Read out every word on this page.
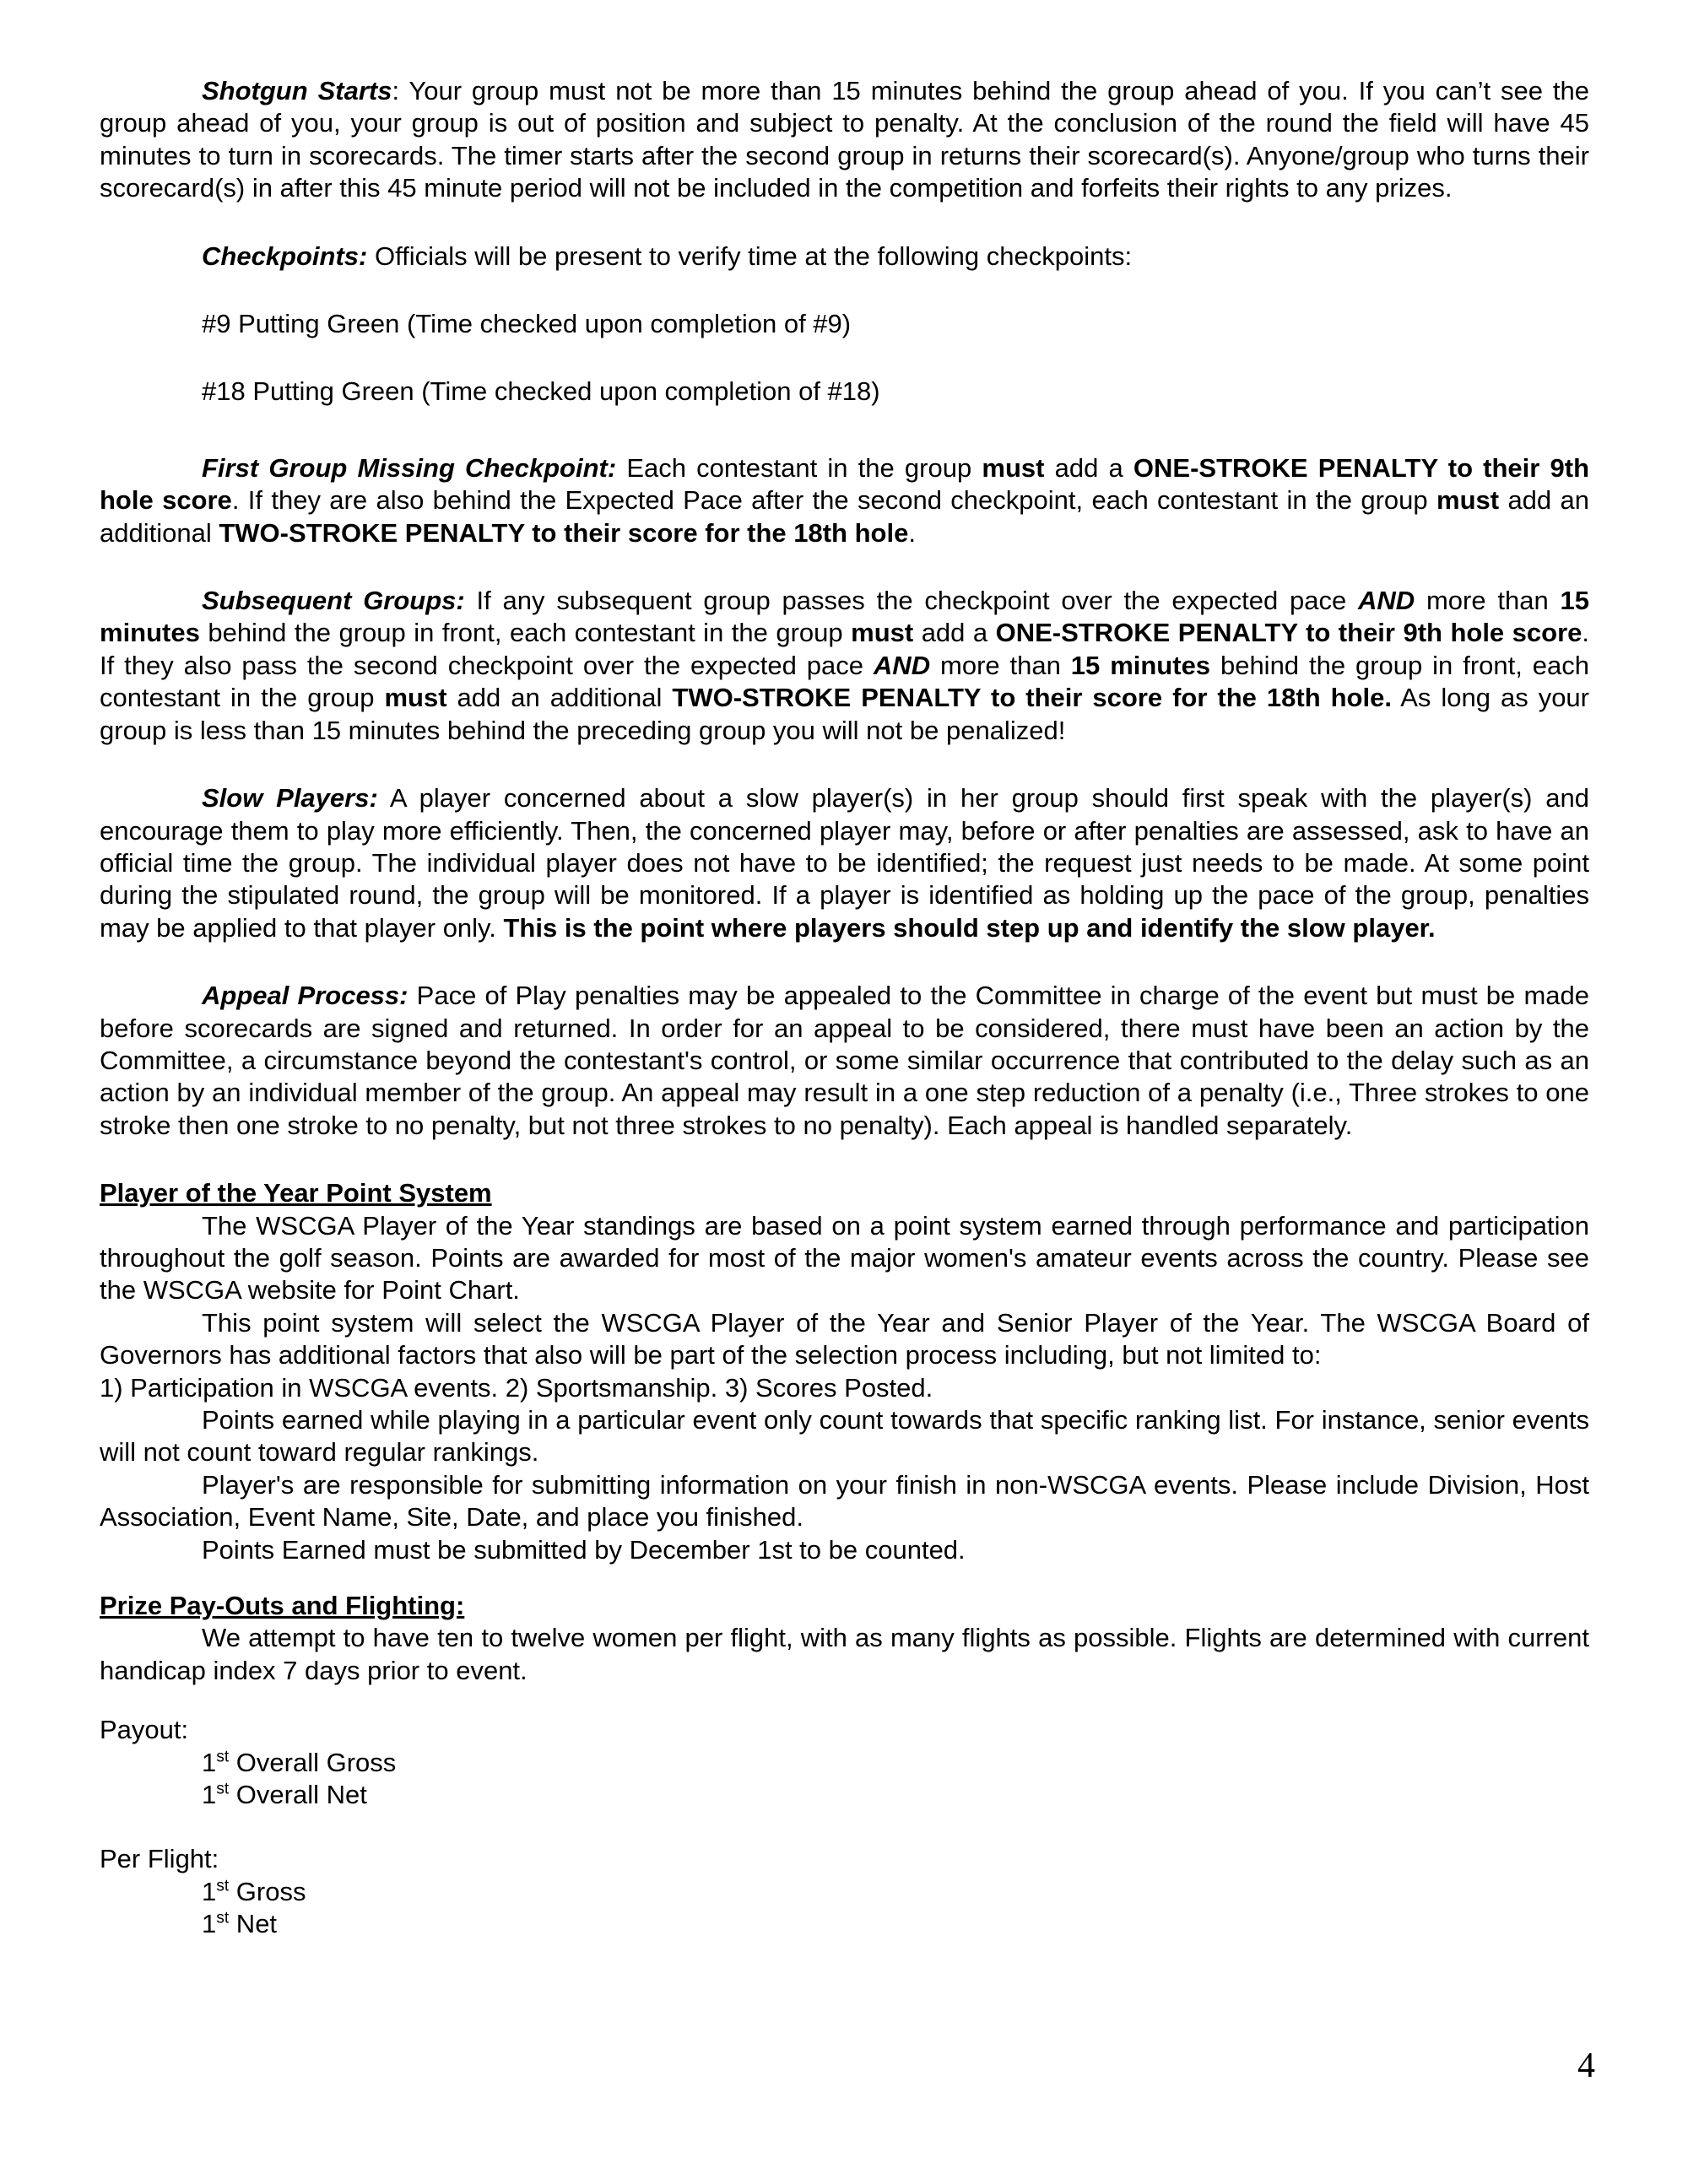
Shotgun Starts: Your group must not be more than 15 minutes behind the group ahead of you. If you can’t see the group ahead of you, your group is out of position and subject to penalty. At the conclusion of the round the field will have 45 minutes to turn in scorecards. The timer starts after the second group in returns their scorecard(s). Anyone/group who turns their scorecard(s) in after this 45 minute period will not be included in the competition and forfeits their rights to any prizes.

Checkpoints: Officials will be present to verify time at the following checkpoints:

#9 Putting Green (Time checked upon completion of #9)

#18 Putting Green (Time checked upon completion of #18)

First Group Missing Checkpoint: Each contestant in the group must add a ONE-STROKE PENALTY to their 9th hole score. If they are also behind the Expected Pace after the second checkpoint, each contestant in the group must add an additional TWO-STROKE PENALTY to their score for the 18th hole.

Subsequent Groups: If any subsequent group passes the checkpoint over the expected pace AND more than 15 minutes behind the group in front, each contestant in the group must add a ONE-STROKE PENALTY to their 9th hole score. If they also pass the second checkpoint over the expected pace AND more than 15 minutes behind the group in front, each contestant in the group must add an additional TWO-STROKE PENALTY to their score for the 18th hole. As long as your group is less than 15 minutes behind the preceding group you will not be penalized!

Slow Players: A player concerned about a slow player(s) in her group should first speak with the player(s) and encourage them to play more efficiently. Then, the concerned player may, before or after penalties are assessed, ask to have an official time the group. The individual player does not have to be identified; the request just needs to be made. At some point during the stipulated round, the group will be monitored. If a player is identified as holding up the pace of the group, penalties may be applied to that player only. This is the point where players should step up and identify the slow player.

Appeal Process: Pace of Play penalties may be appealed to the Committee in charge of the event but must be made before scorecards are signed and returned. In order for an appeal to be considered, there must have been an action by the Committee, a circumstance beyond the contestant's control, or some similar occurrence that contributed to the delay such as an action by an individual member of the group. An appeal may result in a one step reduction of a penalty (i.e., Three strokes to one stroke then one stroke to no penalty, but not three strokes to no penalty). Each appeal is handled separately.

Player of the Year Point System

The WSCGA Player of the Year standings are based on a point system earned through performance and participation throughout the golf season. Points are awarded for most of the major women's amateur events across the country. Please see the WSCGA website for Point Chart.

This point system will select the WSCGA Player of the Year and Senior Player of the Year. The WSCGA Board of Governors has additional factors that also will be part of the selection process including, but not limited to:

1) Participation in WSCGA events. 2) Sportsmanship. 3) Scores Posted.

Points earned while playing in a particular event only count towards that specific ranking list. For instance, senior events will not count toward regular rankings.

Player's are responsible for submitting information on your finish in non-WSCGA events. Please include Division, Host Association, Event Name, Site, Date, and place you finished.

Points Earned must be submitted by December 1st to be counted.

Prize Pay-Outs and Flighting:

We attempt to have ten to twelve women per flight, with as many flights as possible. Flights are determined with current handicap index 7 days prior to event.

Payout:

1st Overall Gross

1st Overall Net

Per Flight:

1st Gross

1st Net

4
